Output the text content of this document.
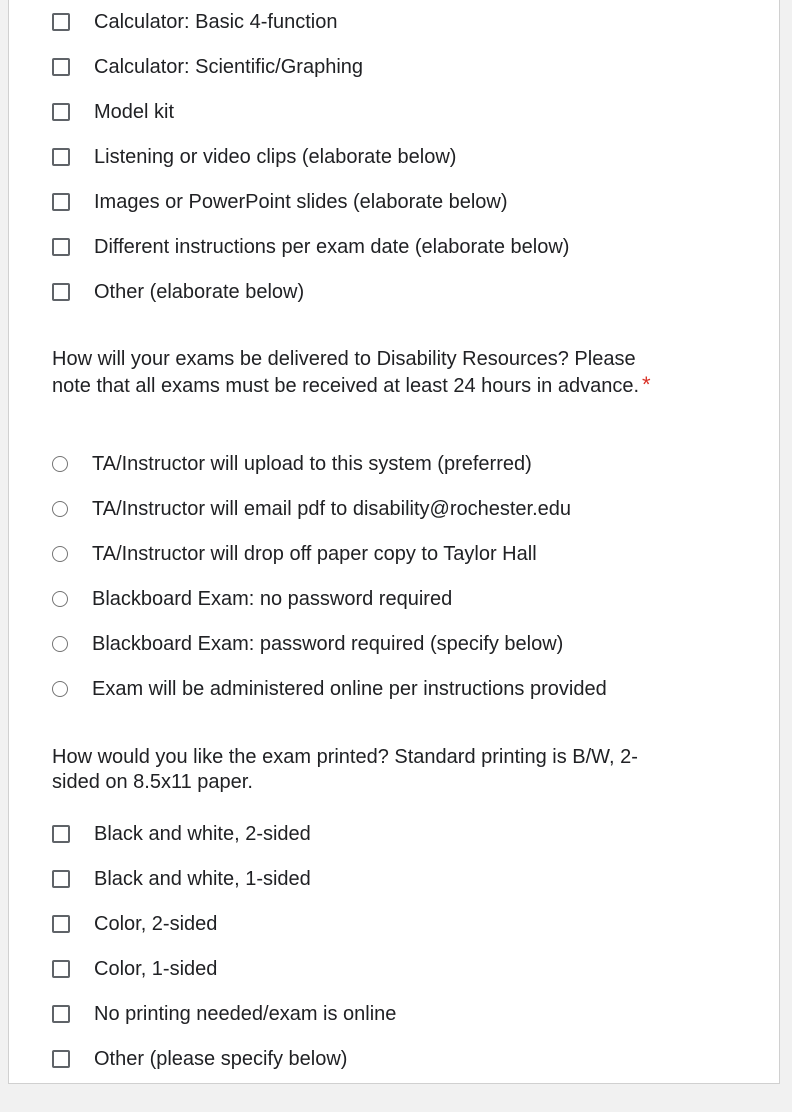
Calculator: Basic 4-function
Calculator: Scientific/Graphing
Model kit
Listening or video clips (elaborate below)
Images or PowerPoint slides (elaborate below)
Different instructions per exam date (elaborate below)
Other (elaborate below)
How will your exams be delivered to Disability Resources? Please note that all exams must be received at least 24 hours in advance. *
TA/Instructor will upload to this system (preferred)
TA/Instructor will email pdf to disability@rochester.edu
TA/Instructor will drop off paper copy to Taylor Hall
Blackboard Exam: no password required
Blackboard Exam: password required (specify below)
Exam will be administered online per instructions provided
How would you like the exam printed? Standard printing is B/W, 2-sided on 8.5x11 paper.
Black and white, 2-sided
Black and white, 1-sided
Color, 2-sided
Color, 1-sided
No printing needed/exam is online
Other (please specify below)
